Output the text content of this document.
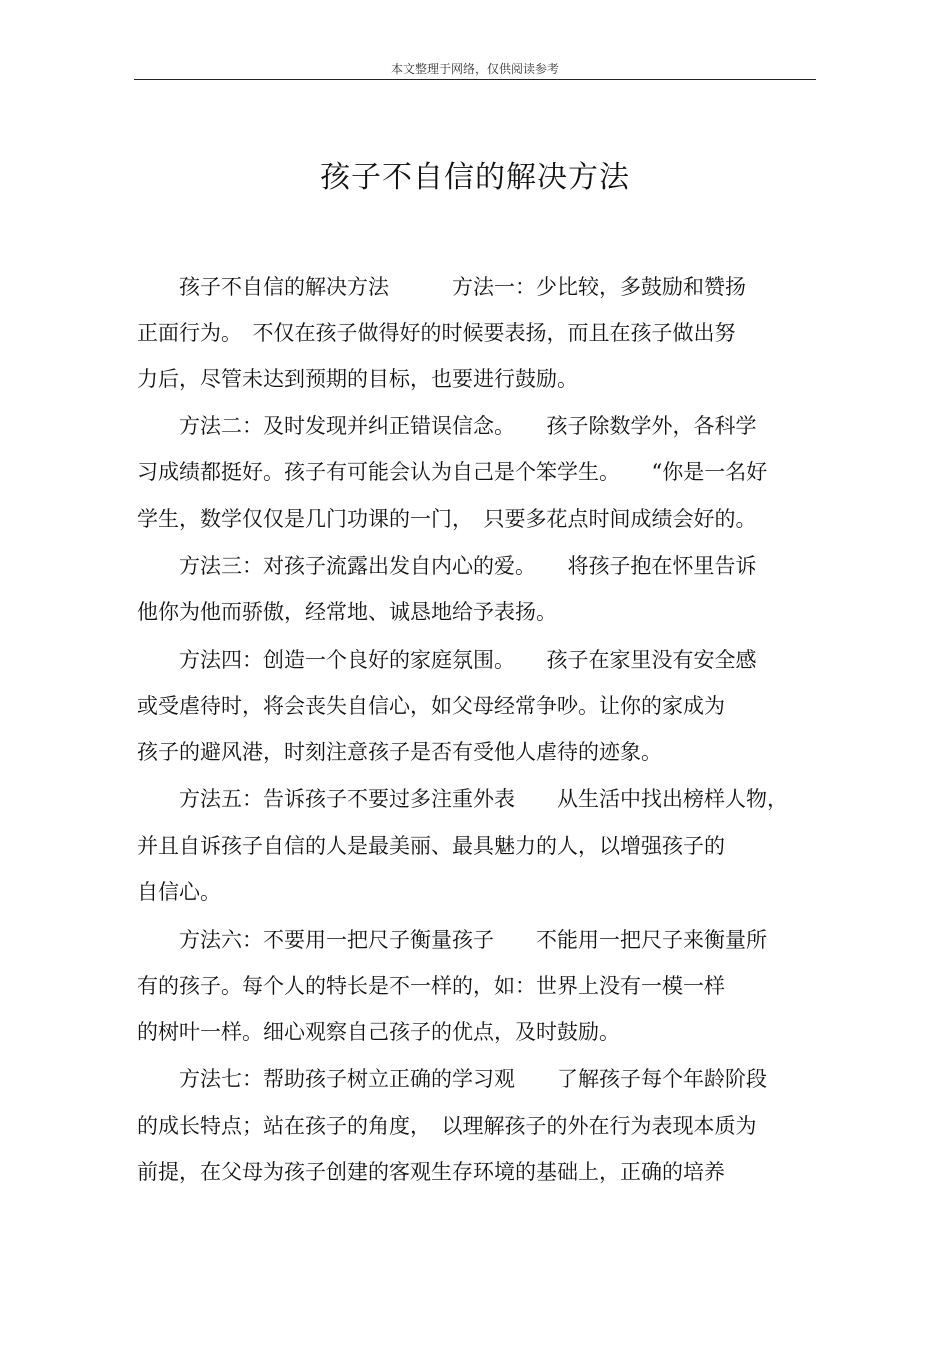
本文整理于网络，仅供阅读参考
孩子不自信的解决方法
　　孩子不自信的解决方法　　　方法一：少比较，多鼓励和赞扬
正面行为。　不仅在孩子做得好的时候要表扬，而且在孩子做出努
力后，尽管未达到预期的目标，也要进行鼓励。
　　方法二：及时发现并纠正错误信念。　　孩子除数学外，各科学
习成绩都挺好。孩子有可能会认为自己是个笨学生。　　“你是一名好
学生，数学仅仅是几门功课的一门，　只要多花点时间成绩会好的。
　　方法三：对孩子流露出发自内心的爱。　　将孩子抱在怀里告诉
他你为他而骄傲，经常地、诚恳地给予表扬。
　　方法四：创造一个良好的家庭氛围。　　孩子在家里没有安全感
或受虐待时，将会丧失自信心，如父母经常争吵。让你的家成为
孩子的避风港，时刻注意孩子是否有受他人虐待的迹象。
　　方法五：告诉孩子不要过多注重外表　　从生活中找出榜样人物，
并且自诉孩子自信的人是最美丽、最具魅力的人，以增强孩子的
自信心。
　　方法六：不要用一把尺子衡量孩子　　不能用一把尺子来衡量所
有的孩子。每个人的特长是不一样的，如：世界上没有一模一样
的树叶一样。细心观察自己孩子的优点，及时鼓励。
　　方法七：帮助孩子树立正确的学习观　　了解孩子每个年龄阶段
的成长特点；站在孩子的角度，　以理解孩子的外在行为表现本质为
前提，在父母为孩子创建的客观生存环境的基础上，正确的培养
